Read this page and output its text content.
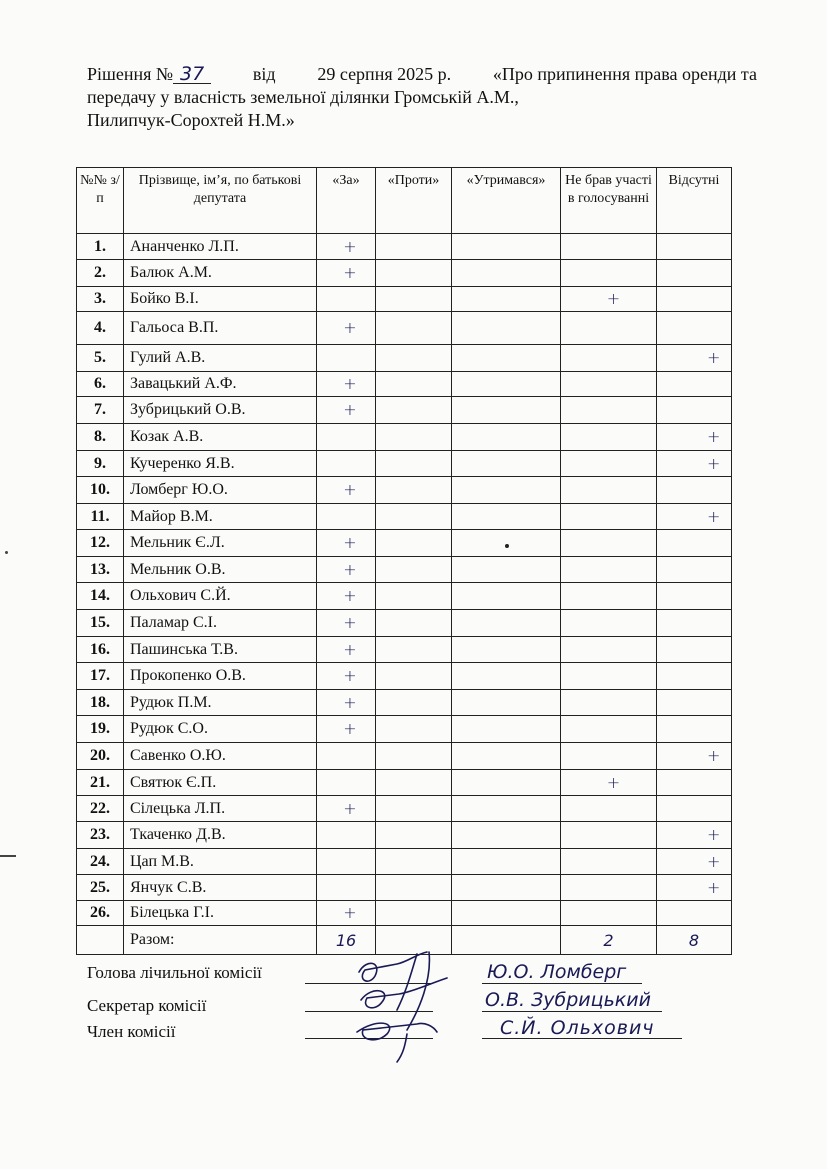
Рішення № 37	від 29 серпня 2025 р. «Про припинення права оренди та
передачу у власність земельної ділянки Громській А.М.,
Пилипчук-Сорохтей Н.М.»
№№ з/п	Прізвище, ім’я, по батькові депутата	«За»	«Проти»	«Утримався»	Не брав участі в голосуванні	Відсутні
1.	Ананченко Л.П.	+				
2.	Балюк А.М.	+				
3.	Бойко В.І.				+	
4.	Гальоса В.П.	+				
5.	Гулий А.В.					+
6.	Завацький А.Ф.	+				
7.	Зубрицький О.В.	+				
8.	Козак А.В.					+
9.	Кучеренко Я.В.					+
10.	Ломберг Ю.О.	+				
11.	Майор В.М.					+
12.	Мельник Є.Л.	+				
13.	Мельник О.В.	+				
14.	Ольхович С.Й.	+				
15.	Паламар С.І.	+				
16.	Пашинська Т.В.	+				
17.	Прокопенко О.В.	+				
18.	Рудюк П.М.	+				
19.	Рудюк С.О.	+				
20.	Савенко О.Ю.					+
21.	Святюк Є.П.				+	
22.	Сілецька Л.П.	+				
23.	Ткаченко Д.В.					+
24.	Цап М.В.					+
25.	Янчук С.В.					+
26.	Білецька Г.І.	+				
	Разом:	16			2	8
Голова лічильної комісії
Секретар комісії
Член комісії
Ю.О. Ломберг
О.В. Зубрицький
С.Й. Ольхович
